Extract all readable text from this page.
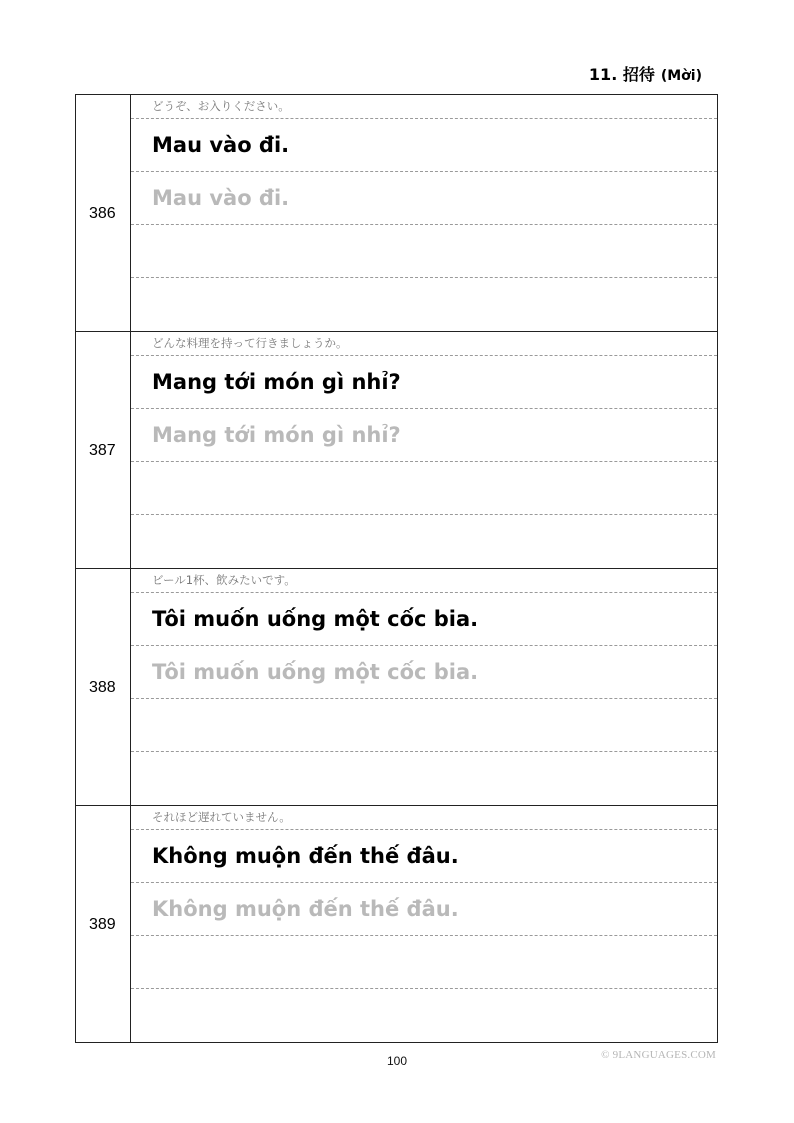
11. 招待 (Mời)
386
どうぞ、お入りください。
Mau vào đi.
Mau vào đi.
387
どんな料理を持って行きましょうか。
Mang tới món gì nhỉ?
Mang tới món gì nhỉ?
388
ビール1杯、飲みたいです。
Tôi muốn uống một cốc bia.
Tôi muốn uống một cốc bia.
389
それほど遅れていません。
Không muộn đến thế đâu.
Không muộn đến thế đâu.
100	© 9LANGUAGES.COM
